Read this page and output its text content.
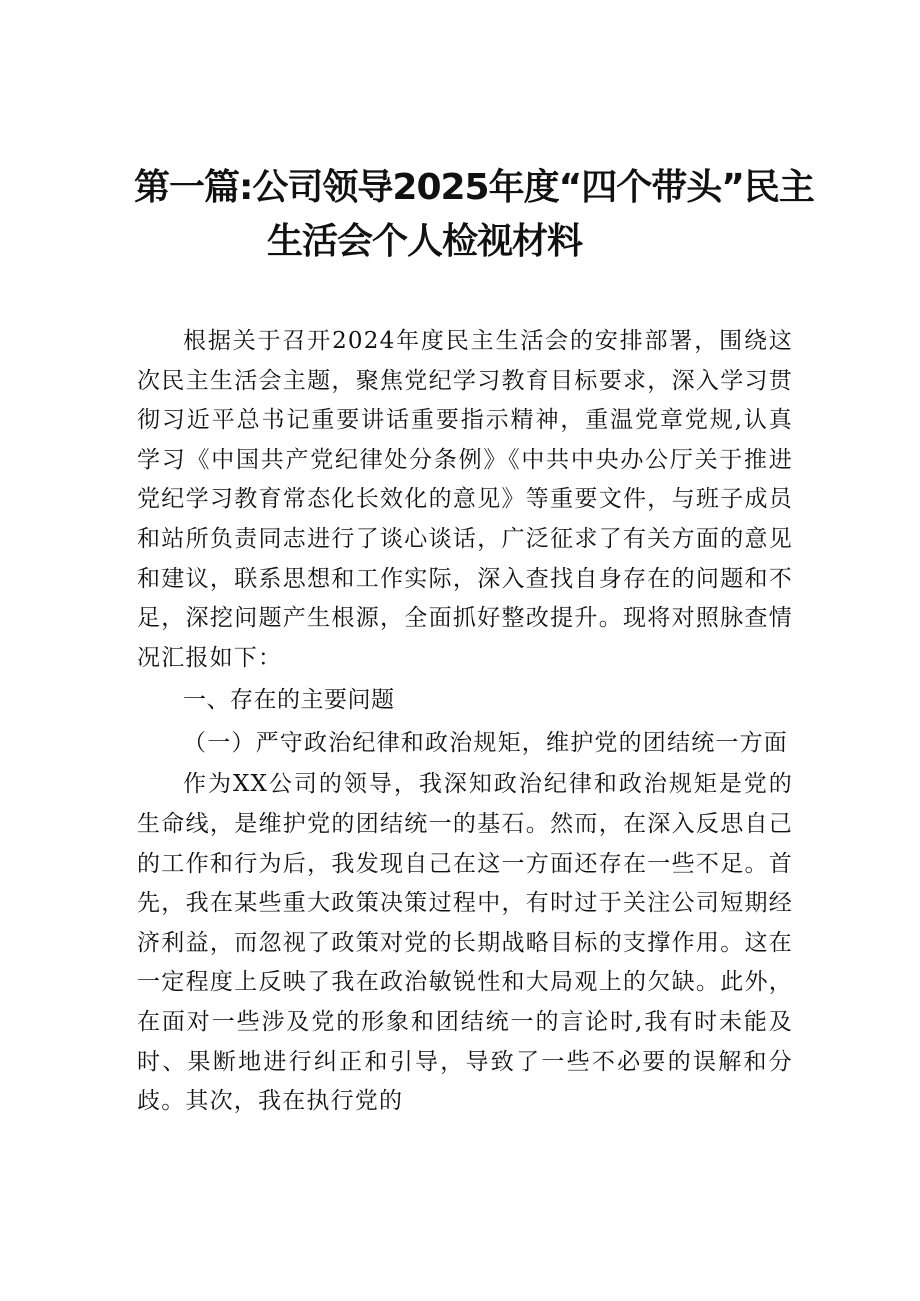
第一篇:公司领导2025年度“四个带头”民主
生活会个人检视材料

根据关于召开2024年度民主生活会的安排部署，围绕这次民主生活会主题，聚焦党纪学习教育目标要求，深入学习贯彻习近平总书记重要讲话重要指示精神，重温党章党规,认真学习《中国共产党纪律处分条例》《中共中央办公厅关于推进党纪学习教育常态化长效化的意见》等重要文件，与班子成员和站所负责同志进行了谈心谈话，广泛征求了有关方面的意见和建议，联系思想和工作实际，深入查找自身存在的问题和不足，深挖问题产生根源，全面抓好整改提升。现将对照脉查情况汇报如下：

一、存在的主要问题

（一）严守政治纪律和政治规矩，维护党的团结统一方面

作为XX公司的领导，我深知政治纪律和政治规矩是党的生命线，是维护党的团结统一的基石。然而，在深入反思自己的工作和行为后，我发现自己在这一方面还存在一些不足。首先，我在某些重大政策决策过程中，有时过于关注公司短期经济利益，而忽视了政策对党的长期战略目标的支撑作用。这在一定程度上反映了我在政治敏锐性和大局观上的欠缺。此外，在面对一些涉及党的形象和团结统一的言论时,我有时未能及时、果断地进行纠正和引导，导致了一些不必要的误解和分歧。其次，我在执行党的
